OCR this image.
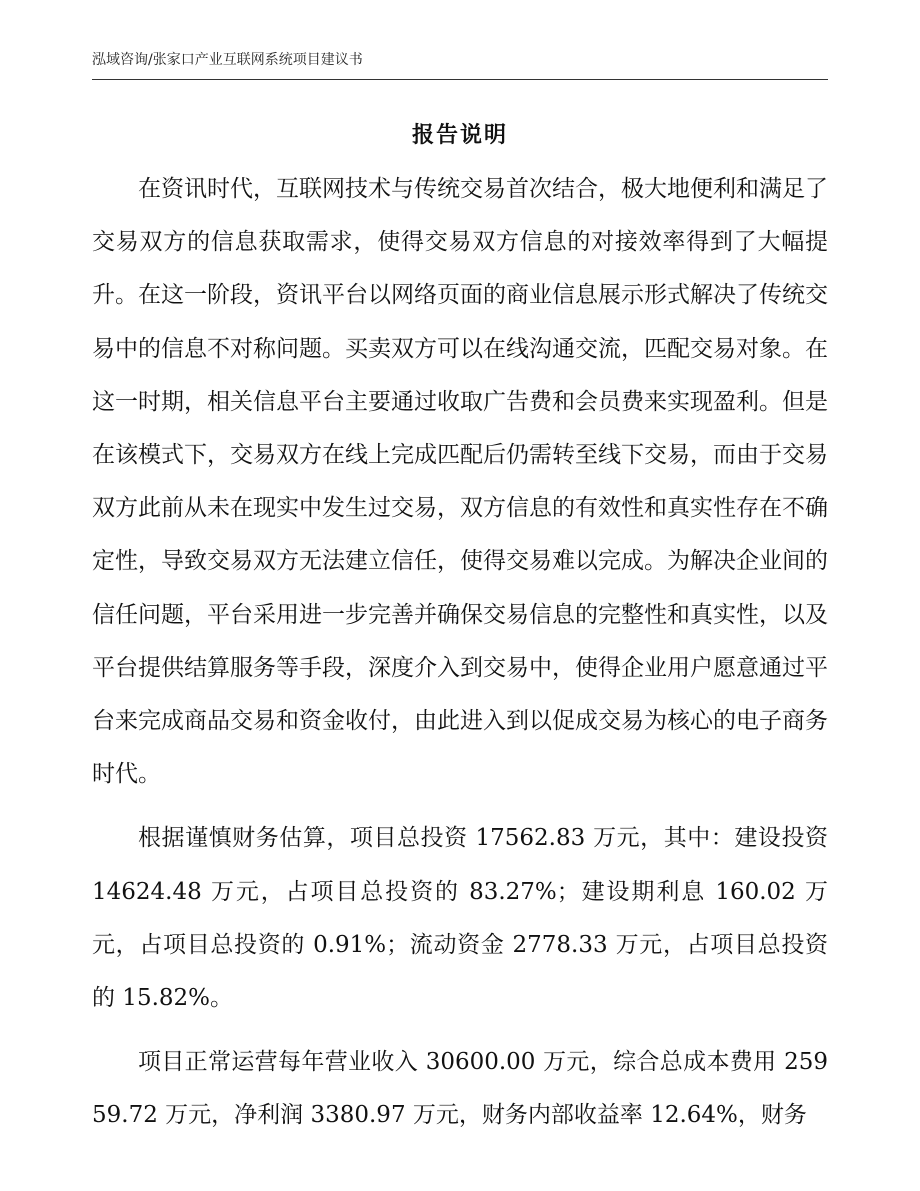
泓域咨询/张家口产业互联网系统项目建议书
报告说明

在资讯时代，互联网技术与传统交易首次结合，极大地便利和满足了交易双方的信息获取需求，使得交易双方信息的对接效率得到了大幅提升。在这一阶段，资讯平台以网络页面的商业信息展示形式解决了传统交易中的信息不对称问题。买卖双方可以在线沟通交流，匹配交易对象。在这一时期，相关信息平台主要通过收取广告费和会员费来实现盈利。但是在该模式下，交易双方在线上完成匹配后仍需转至线下交易，而由于交易双方此前从未在现实中发生过交易，双方信息的有效性和真实性存在不确定性，导致交易双方无法建立信任，使得交易难以完成。为解决企业间的信任问题，平台采用进一步完善并确保交易信息的完整性和真实性，以及平台提供结算服务等手段，深度介入到交易中，使得企业用户愿意通过平台来完成商品交易和资金收付，由此进入到以促成交易为核心的电子商务时代。

根据谨慎财务估算，项目总投资 17562.83 万元，其中：建设投资 14624.48 万元，占项目总投资的 83.27%；建设期利息 160.02 万元，占项目总投资的 0.91%；流动资金 2778.33 万元，占项目总投资的 15.82%。

项目正常运营每年营业收入 30600.00 万元，综合总成本费用 25959.72 万元，净利润 3380.97 万元，财务内部收益率 12.64%，财务
